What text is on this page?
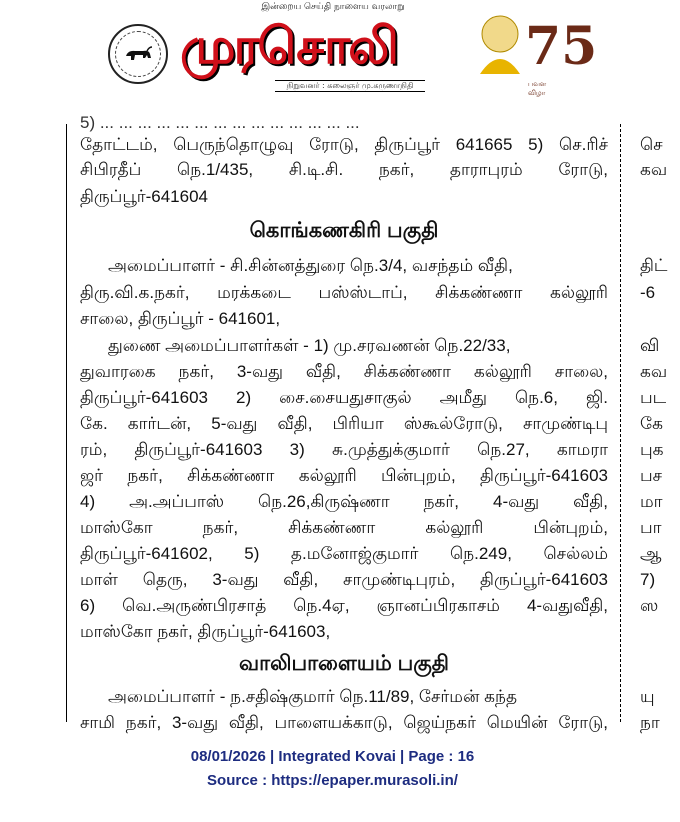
இன்றைய செய்தி நாளைய வரலாறு
முரசொலி
நிறுவனர் : கலைஞர் மு.கருணாநிதி
75
பவள
விழா
5) ... ... ... ... ... ... ... ... ... ... ... ... ... ...
தோட்டம், பெருந்தொழுவு ரோடு, திருப்பூர் 641665 5) செ.ரிச்
சிபிரதீப் நெ.1/435, சி.டி.சி. நகர், தாராபுரம் ரோடு,
திருப்பூர்-641604
கொங்கணகிரி பகுதி
அமைப்பாளர் - சி.சின்னத்துரை நெ.3/4, வசந்தம் வீதி,
திரு.வி.க.நகர், மரக்கடை பஸ்ஸ்டாப், சிக்கண்ணா கல்லூரி
சாலை, திருப்பூர் - 641601,
துணை அமைப்பாளர்கள் - 1) மு.சரவணன் நெ.22/33,
துவாரகை நகர், 3-வது வீதி, சிக்கண்ணா கல்லூரி சாலை,
திருப்பூர்-641603 2) சை.சையதுசாகுல் அமீது நெ.6, ஜி.
கே. கார்டன், 5-வது வீதி, பிரியா ஸ்கூல்ரோடு, சாமுண்டிபு
ரம், திருப்பூர்-641603 3) சு.முத்துக்குமார் நெ.27, காமரா
ஜர் நகர், சிக்கண்ணா கல்லூரி பின்புறம், திருப்பூர்-641603
4) அ.அப்பாஸ் நெ.26,கிருஷ்ணா நகர், 4-வது வீதி,
மாஸ்கோ நகர், சிக்கண்ணா கல்லூரி பின்புறம்,
திருப்பூர்-641602, 5) த.மனோஜ்குமார் நெ.249, செல்லம்
மாள் தெரு, 3-வது வீதி, சாமுண்டிபுரம், திருப்பூர்-641603
6) வெ.அருண்பிரசாத் நெ.4ஏ, ஞானப்பிரகாசம் 4-வதுவீதி,
மாஸ்கோ நகர், திருப்பூர்-641603,
வாலிபாளையம் பகுதி
அமைப்பாளர் - ந.சதிஷ்குமார் நெ.11/89, சேர்மன் கந்த
சாமி நகர், 3-வது வீதி, பாளையக்காடு, ஜெய்நகர் மெயின் ரோடு,
செ
கவ
திட்
-6
வி
கவ
பட
கே
புக
பச
மா
பா
ஆ
7)
ஸ
யு
நா
08/01/2026 | Integrated Kovai | Page : 16
Source : https://epaper.murasoli.in/
